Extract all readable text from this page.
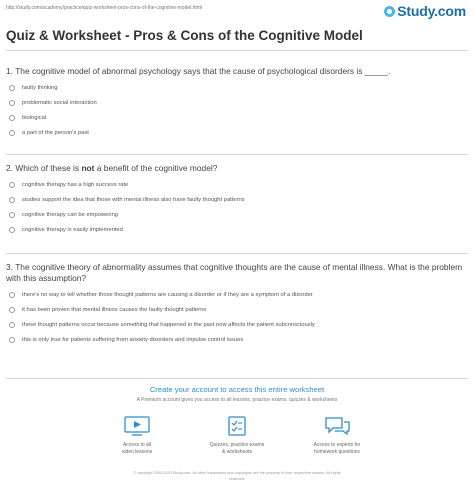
http://study.com/academy/practice/quiz-worksheet-pros-cons-of-the-cognitive-model.html	Study.com
Quiz & Worksheet - Pros & Cons of the Cognitive Model

1. The cognitive model of abnormal psychology says that the cause of psychological disorders is _____.

faulty thinking
problematic social interaction
biological
a part of the person's past

2. Which of these is not a benefit of the cognitive model?

cognitive therapy has a high success rate
studies support the idea that those with mental illness also have faulty thought patterns
cognitive therapy can be empowering
cognitive therapy is easily implemented

3. The cognitive theory of abnormality assumes that cognitive thoughts are the cause of mental illness. What is the problem with this assumption?

there's no way to tell whether those thought patterns are causing a disorder or if they are a symptom of a disorder
it has been proven that mental illness causes the faulty thought patterns
these thought patterns occur because something that happened in the past now affects the patient subconsciously
this is only true for patients suffering from anxiety disorders and impulse control issues
Create your account to access this entire worksheet
A Premium account gives you access to all lessons, practice exams, quizzes & worksheets
Access to all
video lessons
Quizzes, practice exams
& worksheets
Access to experts for
homework questions
© copyright 2003-2020 Study.com. All other trademarks and copyrights are the property of their respective owners. All rights
reserved.
